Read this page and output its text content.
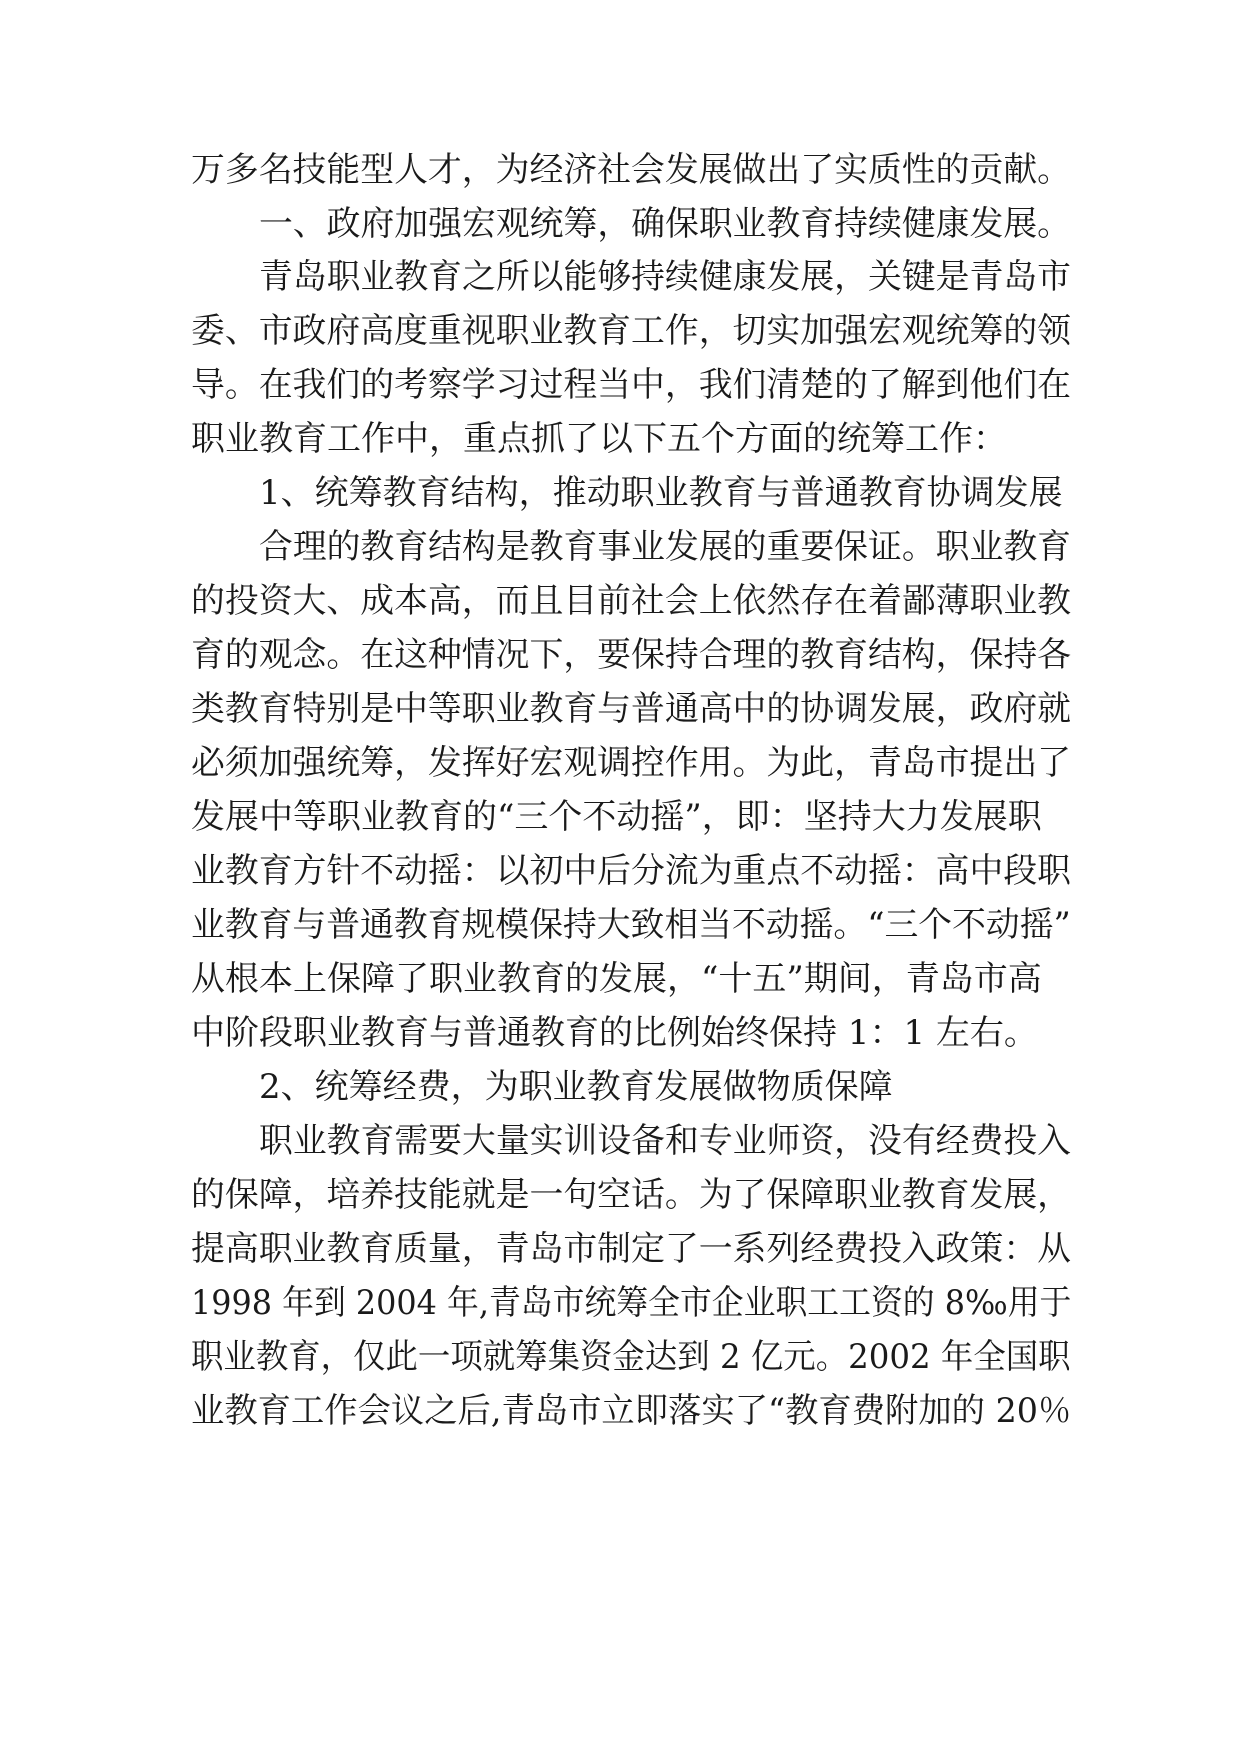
万多名技能型人才，为经济社会发展做出了实质性的贡献。
一、政府加强宏观统筹，确保职业教育持续健康发展。
青岛职业教育之所以能够持续健康发展，关键是青岛市
委、市政府高度重视职业教育工作，切实加强宏观统筹的领
导。在我们的考察学习过程当中，我们清楚的了解到他们在
职业教育工作中，重点抓了以下五个方面的统筹工作：
1、统筹教育结构，推动职业教育与普通教育协调发展
合理的教育结构是教育事业发展的重要保证。职业教育
的投资大、成本高，而且目前社会上依然存在着鄙薄职业教
育的观念。在这种情况下，要保持合理的教育结构，保持各
类教育特别是中等职业教育与普通高中的协调发展，政府就
必须加强统筹，发挥好宏观调控作用。为此，青岛市提出了
发展中等职业教育的“三个不动摇”，即：坚持大力发展职
业教育方针不动摇：以初中后分流为重点不动摇：高中段职
业教育与普通教育规模保持大致相当不动摇。“三个不动摇”
从根本上保障了职业教育的发展，“十五”期间，青岛市高
中阶段职业教育与普通教育的比例始终保持 1：1 左右。
2、统筹经费，为职业教育发展做物质保障
职业教育需要大量实训设备和专业师资，没有经费投入
的保障，培养技能就是一句空话。为了保障职业教育发展，
提高职业教育质量，青岛市制定了一系列经费投入政策：从
1998 年到 2004 年,青岛市统筹全市企业职工工资的 8‰用于
职业教育，仅此一项就筹集资金达到 2 亿元。2002 年全国职
业教育工作会议之后,青岛市立即落实了“教育费附加的 20％
